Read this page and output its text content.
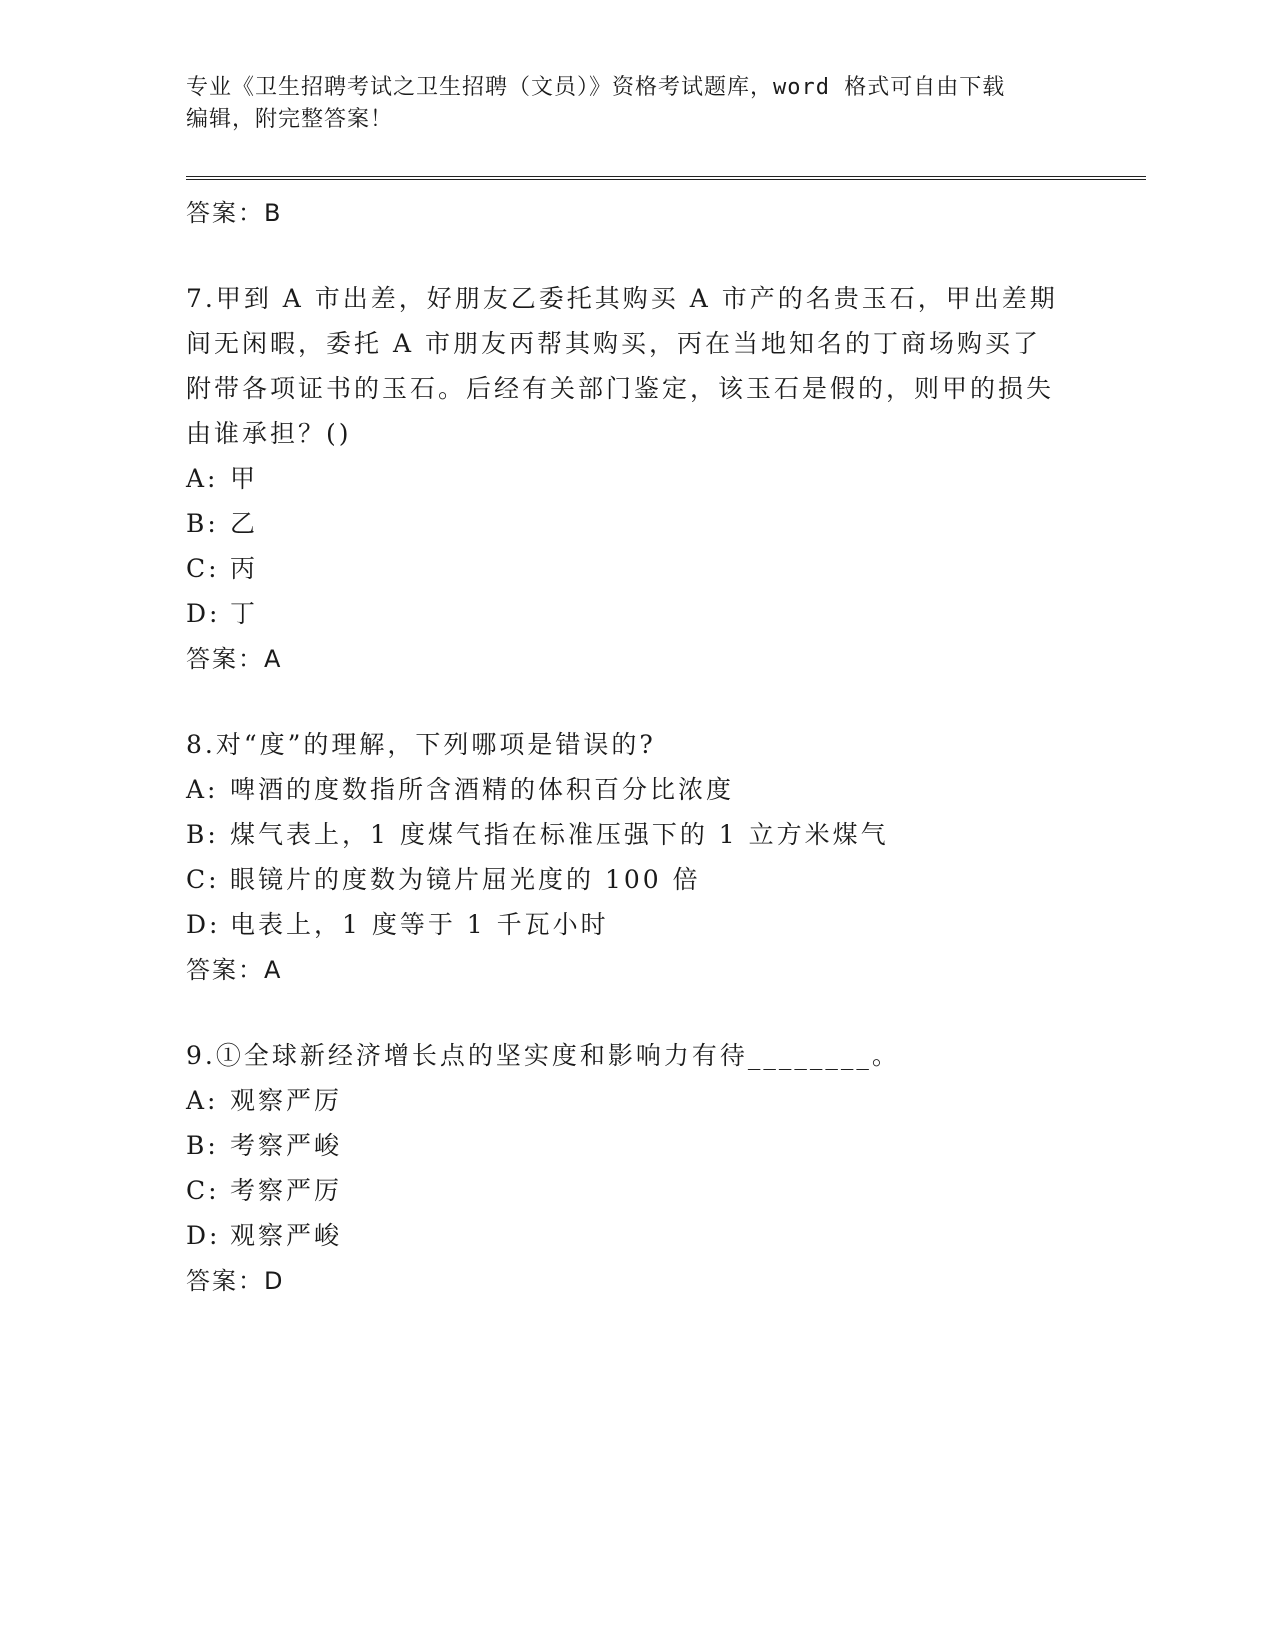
专业《卫生招聘考试之卫生招聘（文员）》资格考试题库，word 格式可自由下载
编辑，附完整答案！

答案：B

7.甲到 A 市出差，好朋友乙委托其购买 A 市产的名贵玉石，甲出差期间无闲暇，委托 A 市朋友丙帮其购买，丙在当地知名的丁商场购买了附带各项证书的玉石。后经有关部门鉴定，该玉石是假的，则甲的损失由谁承担？()

A: 甲
B: 乙
C: 丙
D: 丁

答案：A

8.对“度”的理解，下列哪项是错误的?

A: 啤酒的度数指所含酒精的体积百分比浓度
B: 煤气表上，1 度煤气指在标准压强下的 1 立方米煤气
C: 眼镜片的度数为镜片屈光度的 100 倍
D: 电表上，1 度等于 1 千瓦小时

答案：A

9.①全球新经济增长点的坚实度和影响力有待________。

A: 观察严厉
B: 考察严峻
C: 考察严厉
D: 观察严峻

答案：D
